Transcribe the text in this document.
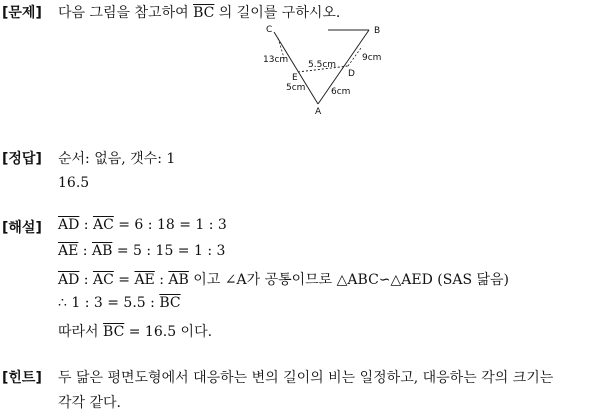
[문제] 다음 그림을 참고하여 $\overline{BC}$ 의 길이를 구하시오.
C	B
A
D
E
13cm 5.5cm
9cm
5cm	6cm
[정답] 순서: 없음, 갯수: 1
16.5
[해설] $\overline{AD}$ : $\overline{AC} = 6$ : 18 = 1 : 3
$\overline{AE}$ : $\overline{AB} = 5$ : 15 = 1 : 3
$\overline{AD}$ : $\overline{AC} = \overline{AE}$ : $\overline{AB}$ 이고 ∠A가 공통이므로 △ABC∽△AED (SAS 닮음)
∴ 1 : 3 = 5.5 : $\overline{BC}$
따라서 $\overline{BC} = 16.5$ 이다.
[힌트] 두 닮은 평면도형에서 대응하는 변의 길이의 비는 일정하고, 대응하는 각의 크기는
각각 같다.
